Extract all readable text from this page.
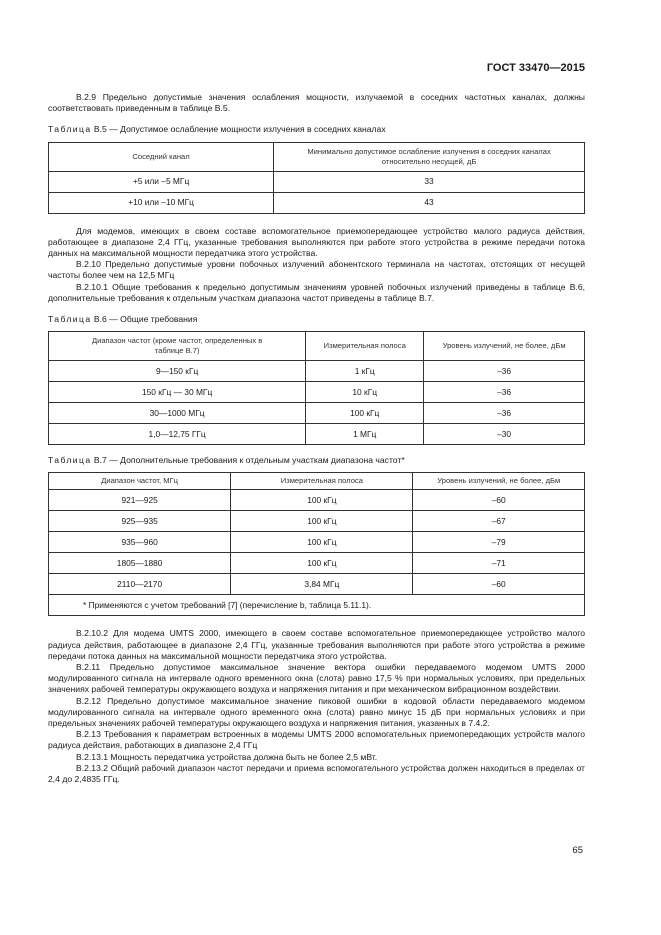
ГОСТ 33470—2015

В.2.9 Предельно допустимые значения ослабления мощности, излучаемой в соседних частотных каналах, должны соответствовать приведенным в таблице В.5.

Таблица В.5 — Допустимое ослабление мощности излучения в соседних каналах
Соседний канал	Минимально допустимое ослабление излучения в соседних каналах относительно несущей, дБ
+5 или –5 МГц	33
+10 или –10 МГц	43

Для модемов, имеющих в своем составе вспомогательное приемопередающее устройство малого радиуса действия, работающее в диапазоне 2,4 ГГц, указанные требования выполняются при работе этого устройства в режиме передачи потока данных на максимальной мощности передатчика этого устройства.

В.2.10 Предельно допустимые уровни побочных излучений абонентского терминала на частотах, отстоящих от несущей частоты более чем на 12,5 МГц

В.2.10.1 Общие требования к предельно допустимым значениям уровней побочных излучений приведены в таблице В.6, дополнительные требования к отдельным участкам диапазона частот приведены в таблице В.7.

Таблица В.6 — Общие требования
Диапазон частот (кроме частот, определенных в таблице В.7)	Измерительная полоса	Уровень излучений, не более, дБм
9—150 кГц	1 кГц	–36
150 кГц — 30 МГц	10 кГц	–36
30—1000 МГц	100 кГц	–36
1,0—12,75 ГГц	1 МГц	–30
Таблица В.7 — Дополнительные требования к отдельным участкам диапазона частот*
Диапазон частот, МГц	Измерительная полоса	Уровень излучений, не более, дБм
921—925	100 кГц	–60
925—935	100 кГц	–67
935—960	100 кГц	–79
1805—1880	100 кГц	–71
2110—2170	3,84 МГц	–60
* Применяются с учетом требований [7] (перечисление b, таблица 5.11.1).		

В.2.10.2 Для модема UMTS 2000, имеющего в своем составе вспомогательное приемопередающее устройство малого радиуса действия, работающее в диапазоне 2,4 ГГц, указанные требования выполняются при работе этого устройства в режиме передачи потока данных на максимальной мощности передатчика этого устройства.

В.2.11 Предельно допустимое максимальное значение вектора ошибки передаваемого модемом UMTS 2000 модулированного сигнала на интервале одного временного окна (слота) равно 17,5 % при нормальных условиях, при предельных значениях рабочей температуры окружающего воздуха и напряжения питания и при механическом вибрационном воздействии.

В.2.12 Предельно допустимое максимальное значение пиковой ошибки в кодовой области передаваемого модемом модулированного сигнала на интервале одного временного окна (слота) равно минус 15 дБ при нормальных условиях и при предельных значениях рабочей температуры окружающего воздуха и напряжения питания, указанных в 7.4.2.

В.2.13 Требования к параметрам встроенных в модемы UMTS 2000 вспомогательных приемопередающих устройств малого радиуса действия, работающих в диапазоне 2,4 ГГц

В.2.13.1 Мощность передатчика устройства должна быть не более 2,5 мВт.

В.2.13.2 Общий рабочий диапазон частот передачи и приема вспомогательного устройства должен находиться в пределах от 2,4 до 2,4835 ГГц.

65
